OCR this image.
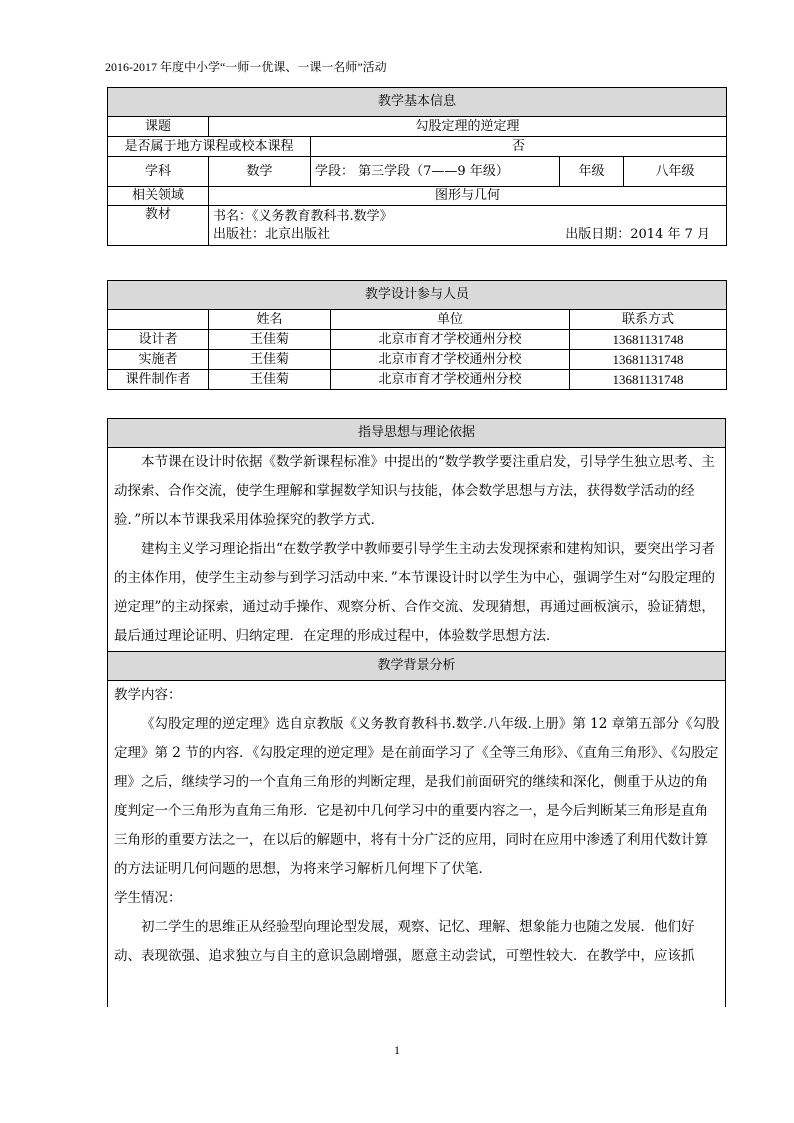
2016-2017 年度中小学“一师一优课、一课一名师”活动
教学基本信息				
课题	勾股定理的逆定理			
是否属于地方课程或校本课程		否		
学科	数学	学段： 第三学段（7——9 年级）	年级	八年级
相关领域	图形与几何			
教材	书名：《义务教育教科书.数学》
出版社：北京出版社 出版日期：2014 年 7 月			
教学设计参与人员			
	姓名	单位	联系方式
设计者	王佳菊	北京市育才学校通州分校	13681131748
实施者	王佳菊	北京市育才学校通州分校	13681131748
课件制作者	王佳菊	北京市育才学校通州分校	13681131748
指导思想与理论依据

本节课在设计时依据《数学新课程标准》中提出的“数学教学要注重启发，引导学生独立思考、主动探索、合作交流，使学生理解和掌握数学知识与技能，体会数学思想与方法，获得数学活动的经验．”所以本节课我采用体验探究的教学方式．

建构主义学习理论指出“在数学教学中教师要引导学生主动去发现探索和建构知识，要突出学习者的主体作用，使学生主动参与到学习活动中来．”本节课设计时以学生为中心，强调学生对“勾股定理的逆定理”的主动探索，通过动手操作、观察分析、合作交流、发现猜想，再通过画板演示，验证猜想，最后通过理论证明、归纳定理．在定理的形成过程中，体验数学思想方法．

教学背景分析

教学内容：

《勾股定理的逆定理》选自京教版《义务教育教科书.数学.八年级.上册》第 12 章第五部分《勾股定理》第 2 节的内容．《勾股定理的逆定理》是在前面学习了《全等三角形》、《直角三角形》、《勾股定理》之后，继续学习的一个直角三角形的判断定理，是我们前面研究的继续和深化，侧重于从边的角度判定一个三角形为直角三角形．它是初中几何学习中的重要内容之一，是今后判断某三角形是直角三角形的重要方法之一，在以后的解题中，将有十分广泛的应用，同时在应用中渗透了利用代数计算的方法证明几何问题的思想，为将来学习解析几何埋下了伏笔．

学生情况：

初二学生的思维正从经验型向理论型发展，观察、记忆、理解、想象能力也随之发展．他们好动、表现欲强、追求独立与自主的意识急剧增强，愿意主动尝试，可塑性较大．在教学中，应该抓

1
